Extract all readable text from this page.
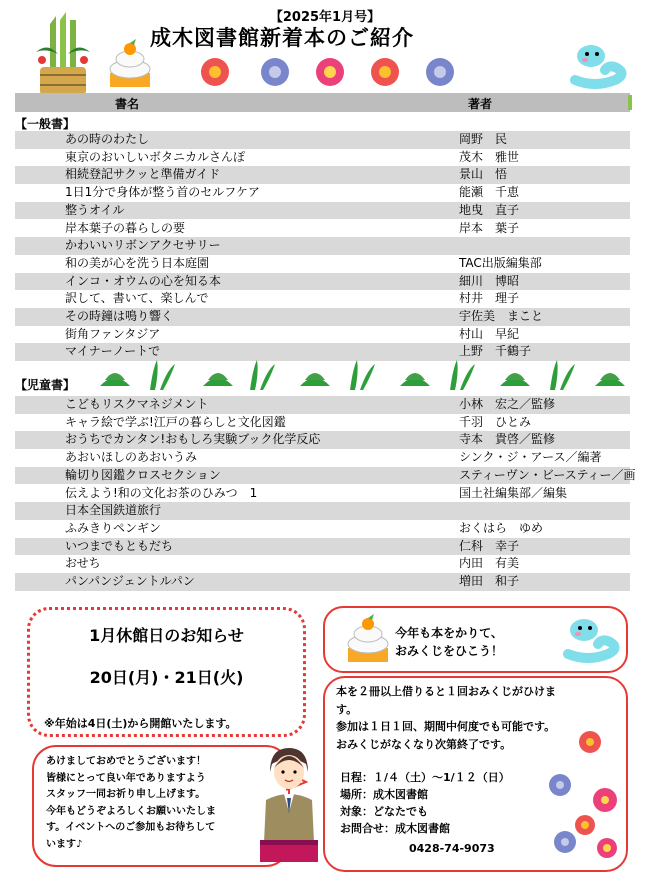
【2025年1月号】
成木図書館新着本のご紹介
書名	著者
【一般書】
あの時のわたし	岡野　民
東京のおいしいボタニカルさんぽ	茂木　雅世
相続登記サクッと準備ガイド	景山　悟
1日1分で身体が整う首のセルフケア	能瀬　千恵
整うオイル	地曳　直子
岸本葉子の暮らしの要	岸本　葉子
かわいいリボンアクセサリー
和の美が心を洗う日本庭園	TAC出版編集部
インコ・オウムの心を知る本	細川　博昭
訳して、書いて、楽しんで	村井　理子
その時鐘は鳴り響く	宇佐美　まこと
街角ファンタジア	村山　早紀
マイナーノートで	上野　千鶴子
【児童書】
こどもリスクマネジメント	小林　宏之／監修
キャラ絵で学ぶ!江戸の暮らしと文化図鑑	千羽　ひとみ
おうちでカンタン!おもしろ実験ブック化学反応	寺本　貴啓／監修
あおいほしのあおいうみ	シンク・ジ・アース／編著
輪切り図鑑クロスセクション	スティーヴン・ビースティー／画
伝えよう!和の文化お茶のひみつ　1	国土社編集部／編集
日本全国鉄道旅行
ふみきりペンギン	おくはら　ゆめ
いつまでもともだち	仁科　幸子
おせち	内田　有美
パンパンジェントルパン	増田　和子
1月休館日のお知らせ
20日(月)・21日(火)
※年始は4日(土)から開館いたします。
あけましておめでとうございます！
皆様にとって良い年でありますよう
スタッフ一同お祈り申し上げます。
今年もどうぞよろしくお願いいたしま
す。イベントへのご参加もお待ちして
います♪
今年も本をかりて、
おみくじをひこう！
本を２冊以上借りると１回おみくじがひけま
す。
参加は１日１回、期間中何度でも可能です。
おみくじがなくなり次第終了です。
日程：１/４（土）～1/１２（日）
場所：成木図書館
対象：どなたでも
お問合せ：成木図書館
0428-74-9073
